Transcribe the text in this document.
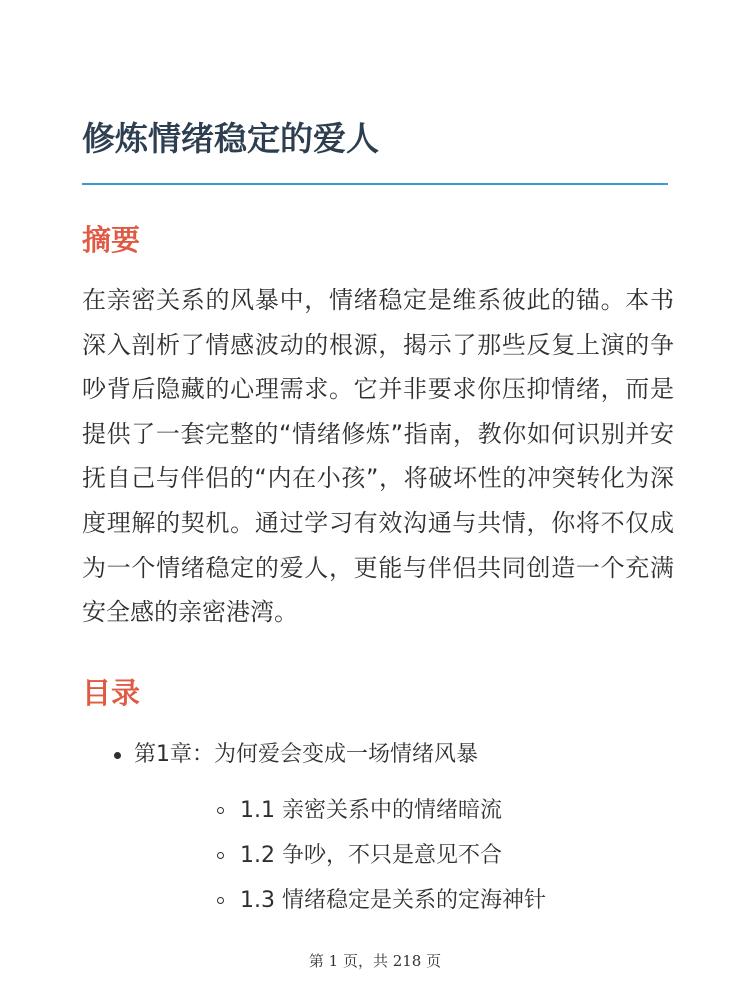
修炼情绪稳定的爱人
摘要

在亲密关系的风暴中，情绪稳定是维系彼此的锚。本书深入剖析了情感波动的根源，揭示了那些反复上演的争吵背后隐藏的心理需求。它并非要求你压抑情绪，而是提供了一套完整的“情绪修炼”指南，教你如何识别并安抚自己与伴侣的“内在小孩”，将破坏性的冲突转化为深度理解的契机。通过学习有效沟通与共情，你将不仅成为一个情绪稳定的爱人，更能与伴侣共同创造一个充满安全感的亲密港湾。

目录
第1章：为何爱会变成一场情绪风暴
1.1 亲密关系中的情绪暗流
1.2 争吵，不只是意见不合
1.3 情绪稳定是关系的定海神针
第 1 页，共 218 页
